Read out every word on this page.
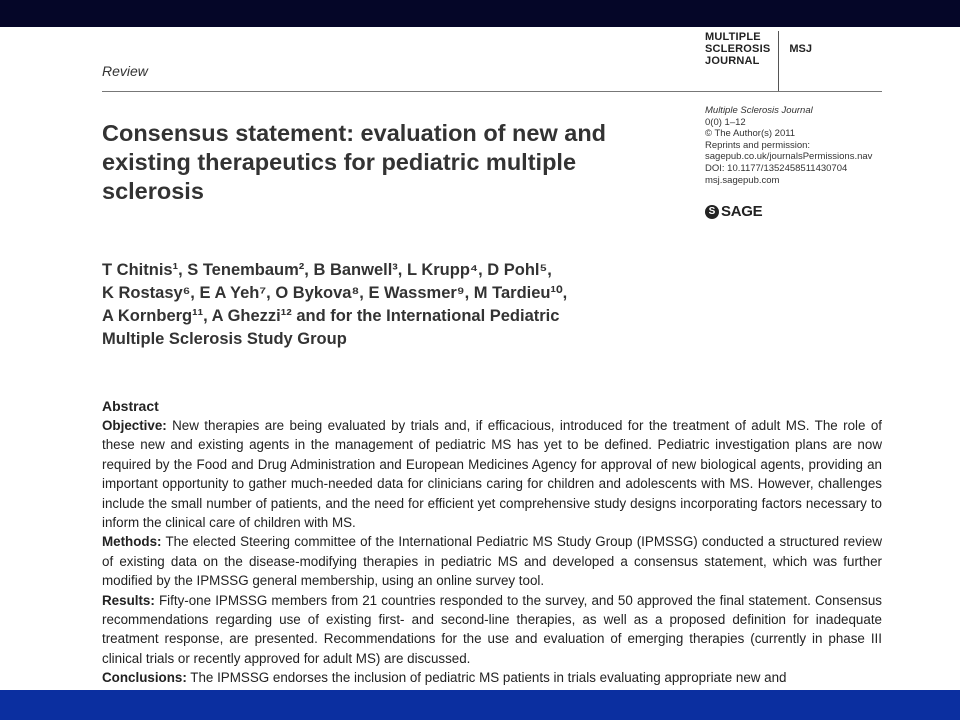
Review
MULTIPLE
SCLEROSIS
JOURNAL
MSJ
Multiple Sclerosis Journal
0(0) 1–12
© The Author(s) 2011
Reprints and permission:
sagepub.co.uk/journalsPermissions.nav
DOI: 10.1177/1352458511430704
msj.sagepub.com
S SAGE
Consensus statement: evaluation of new and existing therapeutics for pediatric multiple sclerosis
T Chitnis¹, S Tenembaum², B Banwell³, L Krupp⁴, D Pohl⁵,
K Rostasy⁶, E A Yeh⁷, O Bykova⁸, E Wassmer⁹, M Tardieu¹⁰,
A Kornberg¹¹, A Ghezzi¹² and for the International Pediatric
Multiple Sclerosis Study Group
Abstract

Objective: New therapies are being evaluated by trials and, if efficacious, introduced for the treatment of adult MS. The role of these new and existing agents in the management of pediatric MS has yet to be defined. Pediatric investigation plans are now required by the Food and Drug Administration and European Medicines Agency for approval of new biological agents, providing an important opportunity to gather much-needed data for clinicians caring for children and adolescents with MS. However, challenges include the small number of patients, and the need for efficient yet comprehensive study designs incorporating factors necessary to inform the clinical care of children with MS.

Methods: The elected Steering committee of the International Pediatric MS Study Group (IPMSSG) conducted a structured review of existing data on the disease-modifying therapies in pediatric MS and developed a consensus statement, which was further modified by the IPMSSG general membership, using an online survey tool.

Results: Fifty-one IPMSSG members from 21 countries responded to the survey, and 50 approved the final statement. Consensus recommendations regarding use of existing first- and second-line therapies, as well as a proposed definition for inadequate treatment response, are presented. Recommendations for the use and evaluation of emerging therapies (currently in phase III clinical trials or recently approved for adult MS) are discussed.

Conclusions: The IPMSSG endorses the inclusion of pediatric MS patients in trials evaluating appropriate new and
